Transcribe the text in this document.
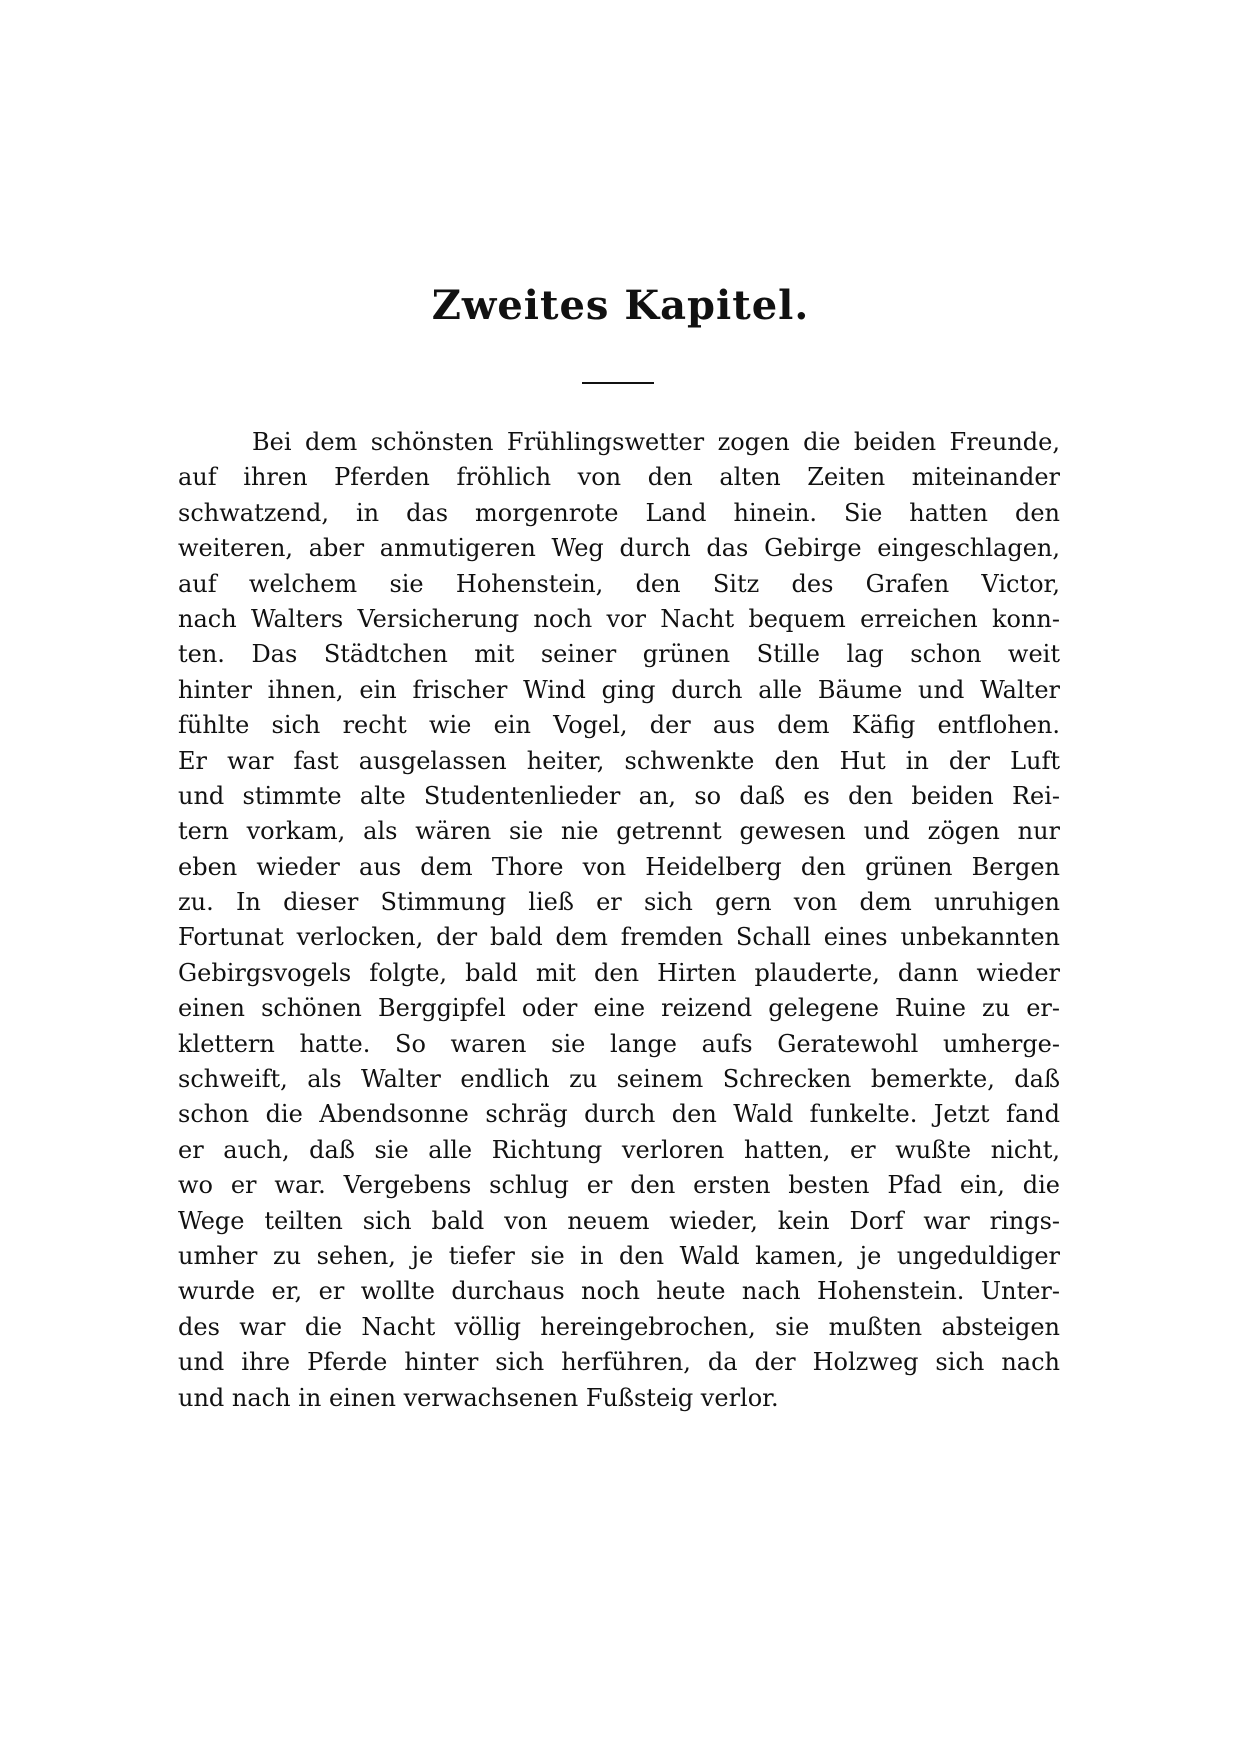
Zweites Kapitel.
Bei dem schönsten Frühlingswetter zogen die beiden Freunde,
auf ihren Pferden fröhlich von den alten Zeiten miteinander
schwatzend, in das morgenrote Land hinein. Sie hatten den
weiteren, aber anmutigeren Weg durch das Gebirge eingeschlagen,
auf welchem sie Hohenstein, den Sitz des Grafen Victor,
nach Walters Versicherung noch vor Nacht bequem erreichen konn-
ten. Das Städtchen mit seiner grünen Stille lag schon weit
hinter ihnen, ein frischer Wind ging durch alle Bäume und Walter
fühlte sich recht wie ein Vogel, der aus dem Käfig entflohen.
Er war fast ausgelassen heiter, schwenkte den Hut in der Luft
und stimmte alte Studentenlieder an, so daß es den beiden Rei-
tern vorkam, als wären sie nie getrennt gewesen und zögen nur
eben wieder aus dem Thore von Heidelberg den grünen Bergen
zu. In dieser Stimmung ließ er sich gern von dem unruhigen
Fortunat verlocken, der bald dem fremden Schall eines unbekannten
Gebirgsvogels folgte, bald mit den Hirten plauderte, dann wieder
einen schönen Berggipfel oder eine reizend gelegene Ruine zu er-
klettern hatte. So waren sie lange aufs Geratewohl umherge-
schweift, als Walter endlich zu seinem Schrecken bemerkte, daß
schon die Abendsonne schräg durch den Wald funkelte. Jetzt fand
er auch, daß sie alle Richtung verloren hatten, er wußte nicht,
wo er war. Vergebens schlug er den ersten besten Pfad ein, die
Wege teilten sich bald von neuem wieder, kein Dorf war rings-
umher zu sehen, je tiefer sie in den Wald kamen, je ungeduldiger
wurde er, er wollte durchaus noch heute nach Hohenstein. Unter-
des war die Nacht völlig hereingebrochen, sie mußten absteigen
und ihre Pferde hinter sich herführen, da der Holzweg sich nach
und nach in einen verwachsenen Fußsteig verlor.
